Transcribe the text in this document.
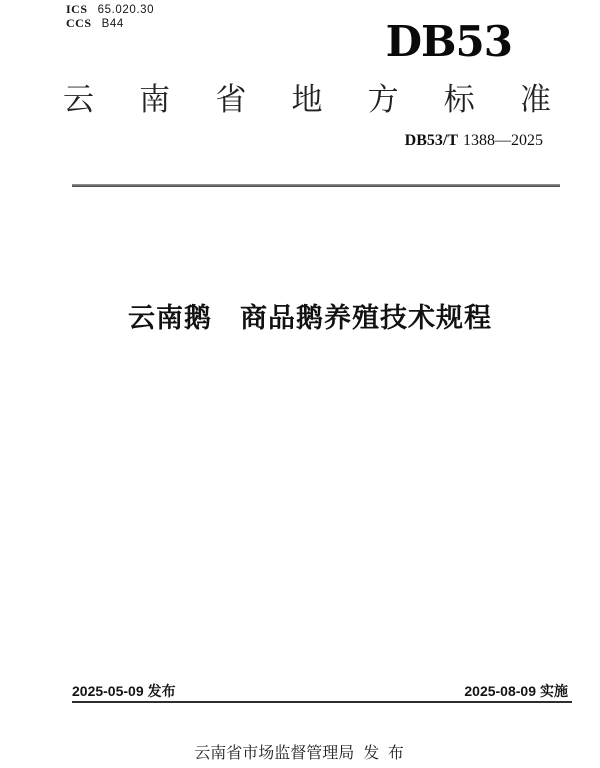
ICS 65.020.30
CCS B44	DB53
云 南 省 地 方 标 准
DB53/T 1388—2025
云南鹅　商品鹅养殖技术规程
2025-05-09 发布	2025-08-09 实施
云南省市场监督管理局 发 布
